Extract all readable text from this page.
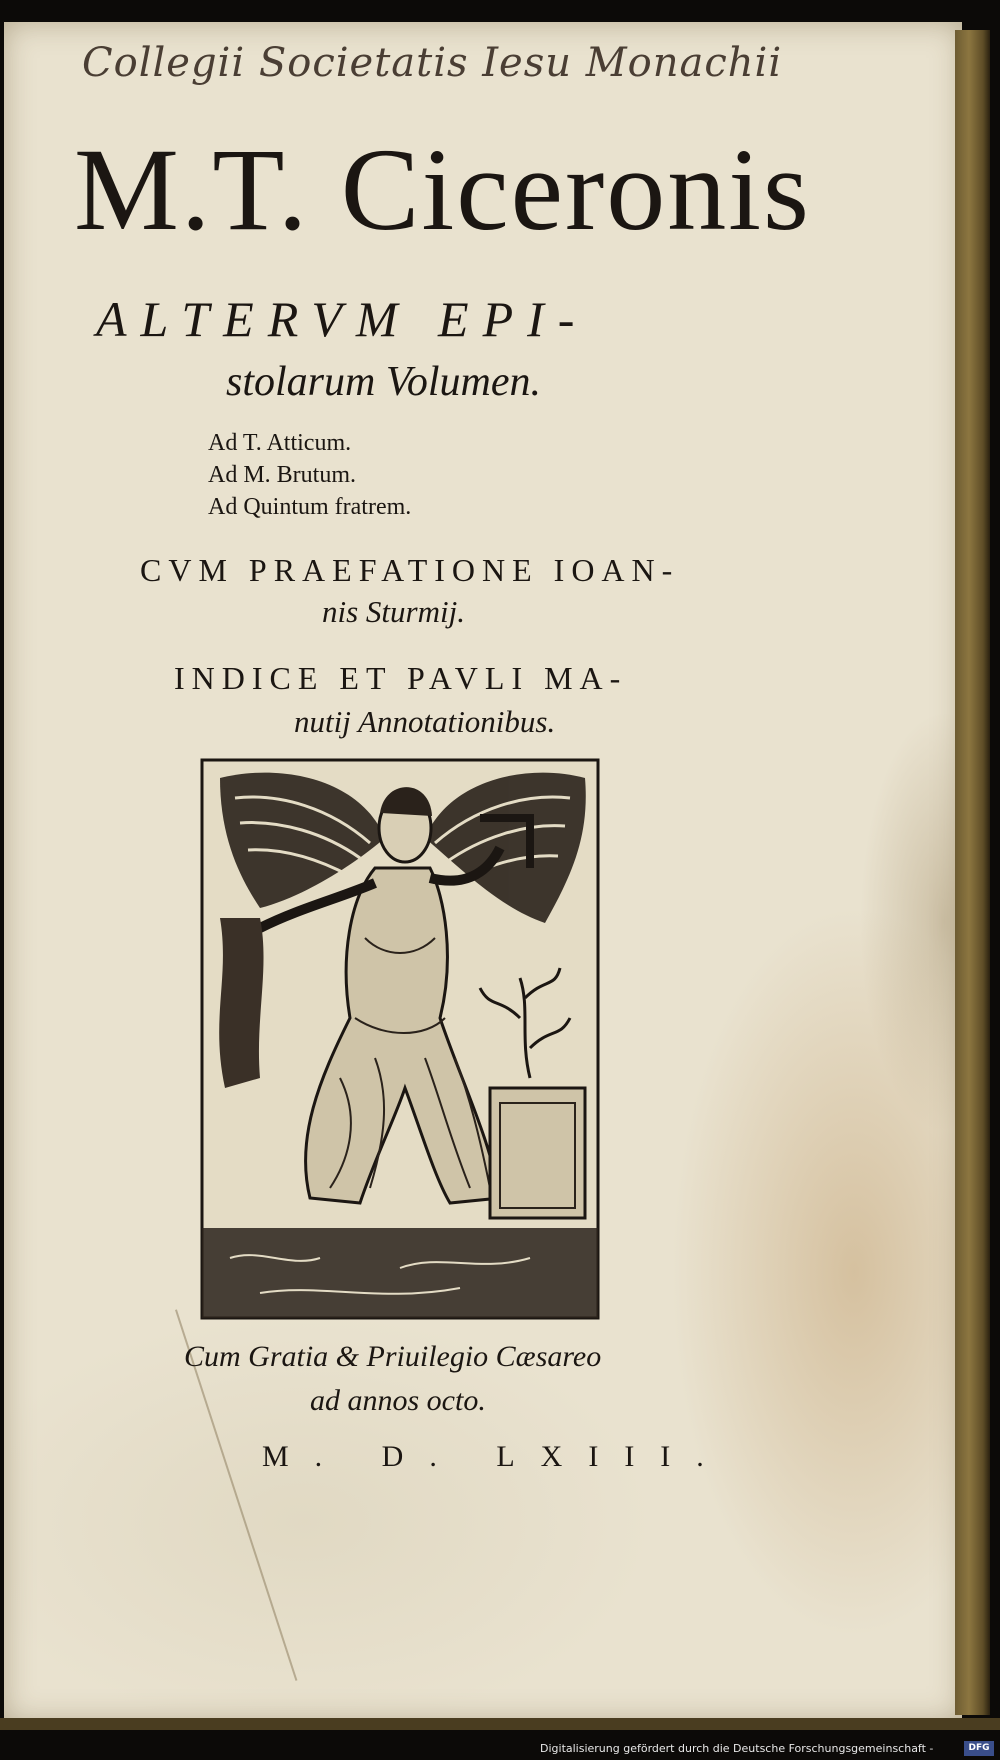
Collegii Societatis Iesu Monachii
M.T. Ciceronis
ALTERVM EPI-
stolarum Volumen.
Ad T. Atticum.
Ad M. Brutum.
Ad Quintum fratrem.
CVM PRAEFATIONE IOAN-
nis Sturmij.
INDICE ET PAVLI MA-
nutij Annotationibus.
Cum Gratia & Priuilegio Cæsareo
ad annos octo.
M. D. LXIII.
Digitalisierung gefördert durch die Deutsche Forschungsgemeinschaft -	DFG
